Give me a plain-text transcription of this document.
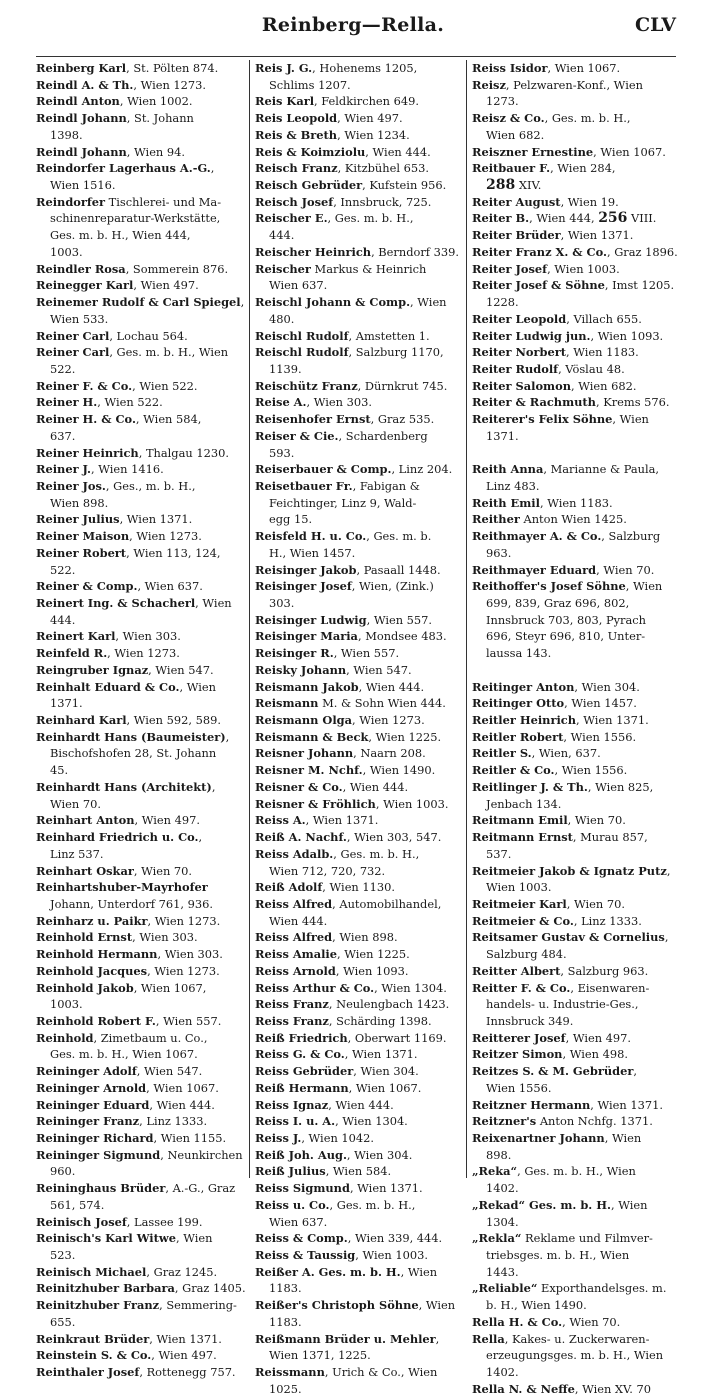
Reinberg—Rella.	CLV
Reinberg Karl, St. Pölten 874.
Reindl A. & Th., Wien 1273.
Reindl Anton, Wien 1002.
Reindl Johann, St. Johann
1398.
Reindl Johann, Wien 94.
Reindorfer Lagerhaus A.-G.,
Wien 1516.
Reindorfer Tischlerei- und Ma-
schinenreparatur-Werkstätte,
Ges. m. b. H., Wien 444,
1003.
Reindler Rosa, Sommerein 876.
Reinegger Karl, Wien 497.
Reinemer Rudolf & Carl Spiegel,
Wien 533.
Reiner Carl, Lochau 564.
Reiner Carl, Ges. m. b. H., Wien
522.
Reiner F. & Co., Wien 522.
Reiner H., Wien 522.
Reiner H. & Co., Wien 584,
637.
Reiner Heinrich, Thalgau 1230.
Reiner J., Wien 1416.
Reiner Jos., Ges., m. b. H.,
Wien 898.
Reiner Julius, Wien 1371.
Reiner Maison, Wien 1273.
Reiner Robert, Wien 113, 124,
522.
Reiner & Comp., Wien 637.
Reinert Ing. & Schacherl, Wien
444.
Reinert Karl, Wien 303.
Reinfeld R., Wien 1273.
Reingruber Ignaz, Wien 547.
Reinhalt Eduard & Co., Wien
1371.
Reinhard Karl, Wien 592, 589.
Reinhardt Hans (Baumeister),
Bischofshofen 28, St. Johann
45.
Reinhardt Hans (Architekt),
Wien 70.
Reinhart Anton, Wien 497.
Reinhard Friedrich u. Co.,
Linz 537.
Reinhart Oskar, Wien 70.
Reinhartshuber-Mayrhofer
Johann, Unterdorf 761, 936.
Reinharz u. Paikr, Wien 1273.
Reinhold Ernst, Wien 303.
Reinhold Hermann, Wien 303.
Reinhold Jacques, Wien 1273.
Reinhold Jakob, Wien 1067,
1003.
Reinhold Robert F., Wien 557.
Reinhold, Zimetbaum u. Co.,
Ges. m. b. H., Wien 1067.
Reininger Adolf, Wien 547.
Reininger Arnold, Wien 1067.
Reininger Eduard, Wien 444.
Reininger Franz, Linz 1333.
Reininger Richard, Wien 1155.
Reininger Sigmund, Neunkirchen
960.
Reininghaus Brüder, A.-G., Graz
561, 574.
Reinisch Josef, Lassee 199.
Reinisch's Karl Witwe, Wien
523.
Reinisch Michael, Graz 1245.
Reinitzhuber Barbara, Graz 1405.
Reinitzhuber Franz, Semmering-
655.
Reinkraut Brüder, Wien 1371.
Reinstein S. & Co., Wien 497.
Reinthaler Josef, Rottenegg 757.
Reis J. G., Hohenems 1205,
Schlims 1207.
Reis Karl, Feldkirchen 649.
Reis Leopold, Wien 497.
Reis & Breth, Wien 1234.
Reis & Koimziolu, Wien 444.
Reisch Franz, Kitzbühel 653.
Reisch Gebrüder, Kufstein 956.
Reisch Josef, Innsbruck, 725.
Reischer E., Ges. m. b. H.,
444.
Reischer Heinrich, Berndorf 339.
Reischer Markus & Heinrich
Wien 637.
Reischl Johann & Comp., Wien
480.
Reischl Rudolf, Amstetten 1.
Reischl Rudolf, Salzburg 1170,
1139.
Reischütz Franz, Dürnkrut 745.
Reise A., Wien 303.
Reisenhofer Ernst, Graz 535.
Reiser & Cie., Schardenberg
593.
Reiserbauer & Comp., Linz 204.
Reisetbauer Fr., Fabigan &
Feichtinger, Linz 9, Wald-
egg 15.
Reisfeld H. u. Co., Ges. m. b.
H., Wien 1457.
Reisinger Jakob, Pasaall 1448.
Reisinger Josef, Wien, (Zink.)
303.
Reisinger Ludwig, Wien 557.
Reisinger Maria, Mondsee 483.
Reisinger R., Wien 557.
Reisky Johann, Wien 547.
Reismann Jakob, Wien 444.
Reismann M. & Sohn Wien 444.
Reismann Olga, Wien 1273.
Reismann & Beck, Wien 1225.
Reisner Johann, Naarn 208.
Reisner M. Nchf., Wien 1490.
Reisner & Co., Wien 444.
Reisner & Fröhlich, Wien 1003.
Reiss A., Wien 1371.
Reiß A. Nachf., Wien 303, 547.
Reiss Adalb., Ges. m. b. H.,
Wien 712, 720, 732.
Reiß Adolf, Wien 1130.
Reiss Alfred, Automobilhandel,
Wien 444.
Reiss Alfred, Wien 898.
Reiss Amalie, Wien 1225.
Reiss Arnold, Wien 1093.
Reiss Arthur & Co., Wien 1304.
Reiss Franz, Neulengbach 1423.
Reiss Franz, Schärding 1398.
Reiß Friedrich, Oberwart 1169.
Reiss G. & Co., Wien 1371.
Reiss Gebrüder, Wien 304.
Reiß Hermann, Wien 1067.
Reiss Ignaz, Wien 444.
Reiss I. u. A., Wien 1304.
Reiss J., Wien 1042.
Reiß Joh. Aug., Wien 304.
Reiß Julius, Wien 584.
Reiss Sigmund, Wien 1371.
Reiss u. Co., Ges. m. b. H.,
Wien 637.
Reiss & Comp., Wien 339, 444.
Reiss & Taussig, Wien 1003.
Reißer A. Ges. m. b. H., Wien
1183.
Reißer's Christoph Söhne, Wien
1183.
Reißmann Brüder u. Mehler,
Wien 1371, 1225.
Reissmann, Urich & Co., Wien
1025.
Reiss Isidor, Wien 1067.
Reisz, Pelzwaren-Konf., Wien
1273.
Reisz & Co., Ges. m. b. H.,
Wien 682.
Reiszner Ernestine, Wien 1067.
Reitbauer F., Wien 284,
288 XIV.
Reiter August, Wien 19.
Reiter B., Wien 444, 256 VIII.
Reiter Brüder, Wien 1371.
Reiter Franz X. & Co., Graz 1896.
Reiter Josef, Wien 1003.
Reiter Josef & Söhne, Imst 1205.
1228.
Reiter Leopold, Villach 655.
Reiter Ludwig jun., Wien 1093.
Reiter Norbert, Wien 1183.
Reiter Rudolf, Vöslau 48.
Reiter Salomon, Wien 682.
Reiter & Rachmuth, Krems 576.
Reiterer's Felix Söhne, Wien
1371.
Reith Anna, Marianne & Paula,
Linz 483.
Reith Emil, Wien 1183.
Reither Anton Wien 1425.
Reithmayer A. & Co., Salzburg
963.
Reithmayer Eduard, Wien 70.
Reithoffer's Josef Söhne, Wien
699, 839, Graz 696, 802,
Innsbruck 703, 803, Pyrach
696, Steyr 696, 810, Unter-
laussa 143.
Reitinger Anton, Wien 304.
Reitinger Otto, Wien 1457.
Reitler Heinrich, Wien 1371.
Reitler Robert, Wien 1556.
Reitler S., Wien, 637.
Reitler & Co., Wien 1556.
Reitlinger J. & Th., Wien 825,
Jenbach 134.
Reitmann Emil, Wien 70.
Reitmann Ernst, Murau 857,
537.
Reitmeier Jakob & Ignatz Putz,
Wien 1003.
Reitmeier Karl, Wien 70.
Reitmeier & Co., Linz 1333.
Reitsamer Gustav & Cornelius,
Salzburg 484.
Reitter Albert, Salzburg 963.
Reitter F. & Co., Eisenwaren-
handels- u. Industrie-Ges.,
Innsbruck 349.
Reitterer Josef, Wien 497.
Reitzer Simon, Wien 498.
Reitzes S. & M. Gebrüder,
Wien 1556.
Reitzner Hermann, Wien 1371.
Reitzner's Anton Nchfg. 1371.
Reixenartner Johann, Wien
898.
„Reka“, Ges. m. b. H., Wien
1402.
„Rekad“ Ges. m. b. H., Wien
1304.
„Rekla“ Reklame und Filmver-
triebsges. m. b. H., Wien
1443.
„Reliable“ Exporthandelsges. m.
b. H., Wien 1490.
Rella H. & Co., Wien 70.
Rella, Kakes- u. Zuckerwaren-
erzeugungsges. m. b. H., Wien
1402.
Rella N. & Neffe, Wien XV. 70
